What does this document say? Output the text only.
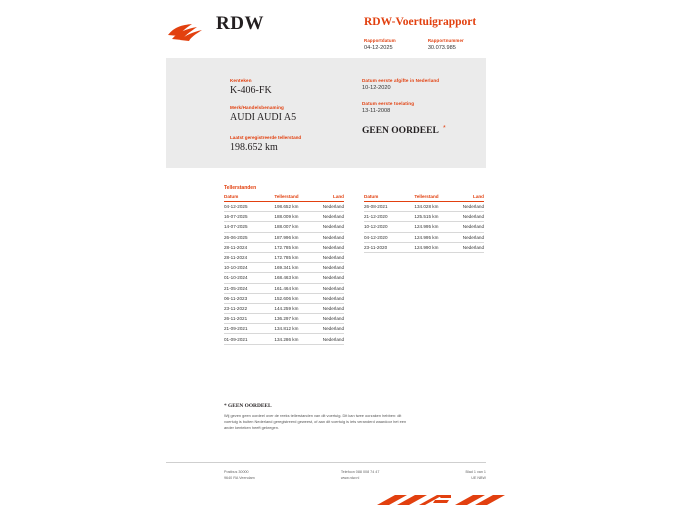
RDW	RDW-Voertuigrapport
Rapportdatum
04-12-2025
Rapportnummer
30.073.985
Kenteken
K-406-FK
Merk/Handelsbenaming
AUDI AUDI A5
Datum eerste afgifte in Nederland
10-12-2020
Datum eerste toelating
13-11-2008
GEEN OORDEEL *
Laatst geregistreerde tellerstand
198.652 km
Tellerstanden
Datum	Tellerstand	Land
04-12-2025	198.652 km	Nederland
16-07-2025	188.009 km	Nederland
14-07-2025	188.007 km	Nederland
26-06-2025	187.996 km	Nederland
28-11-2024	172.785 km	Nederland
28-11-2024	172.785 km	Nederland
10-10-2024	169.341 km	Nederland
01-10-2024	168.463 km	Nederland
21-05-2024	161.464 km	Nederland
06-11-2023	152.606 km	Nederland
23-11-2022	144.259 km	Nederland
26-11-2021	136.297 km	Nederland
21-09-2021	134.812 km	Nederland
01-09-2021	134.286 km	Nederland
Datum	Tellerstand	Land
26-08-2021	134.028 km	Nederland
21-12-2020	125.515 km	Nederland
10-12-2020	124.995 km	Nederland
04-12-2020	124.995 km	Nederland
23-11-2020	124.990 km	Nederland
* GEEN OORDEEL
Wij geven geen oordeel over de reeks tellerstanden van dit voertuig. Dit kan twee oorzaken hebben: dit voertuig is buiten Nederland geregistreerd geweest, of aan dit voertuig is iets veranderd waardoor het een ander kenteken heeft gekregen.
Postbus 30000
9640 RA Veendam
Telefoon 088 008 74 47
www.rdw.nl
Blad 1 van 1
UE NBW
